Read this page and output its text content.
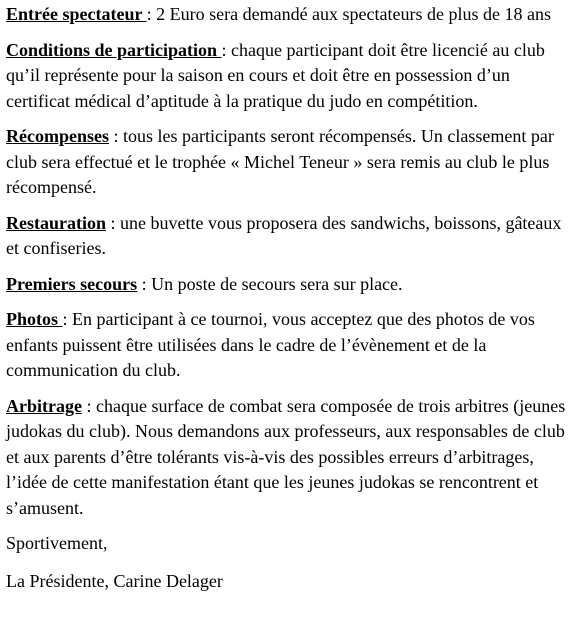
Entrée spectateur : 2 Euro sera demandé aux spectateurs de plus de 18 ans

Conditions de participation : chaque participant doit être licencié au club qu’il représente pour la saison en cours et doit être en possession d’un certificat médical d’aptitude à la pratique du judo en compétition.

Récompenses : tous les participants seront récompensés. Un classement par club sera effectué et le trophée « Michel Teneur » sera remis au club le plus récompensé.

Restauration : une buvette vous proposera des sandwichs, boissons, gâteaux et confiseries.

Premiers secours : Un poste de secours sera sur place.

Photos : En participant à ce tournoi, vous acceptez que des photos de vos enfants puissent être utilisées dans le cadre de l’évènement et de la communication du club.

Arbitrage : chaque surface de combat sera composée de trois arbitres (jeunes judokas du club). Nous demandons aux professeurs, aux responsables de club et aux parents d’être tolérants vis-à-vis des possibles erreurs d’arbitrages, l’idée de cette manifestation étant que les jeunes judokas se rencontrent et s’amusent.

Sportivement,

La Présidente, Carine Delager
